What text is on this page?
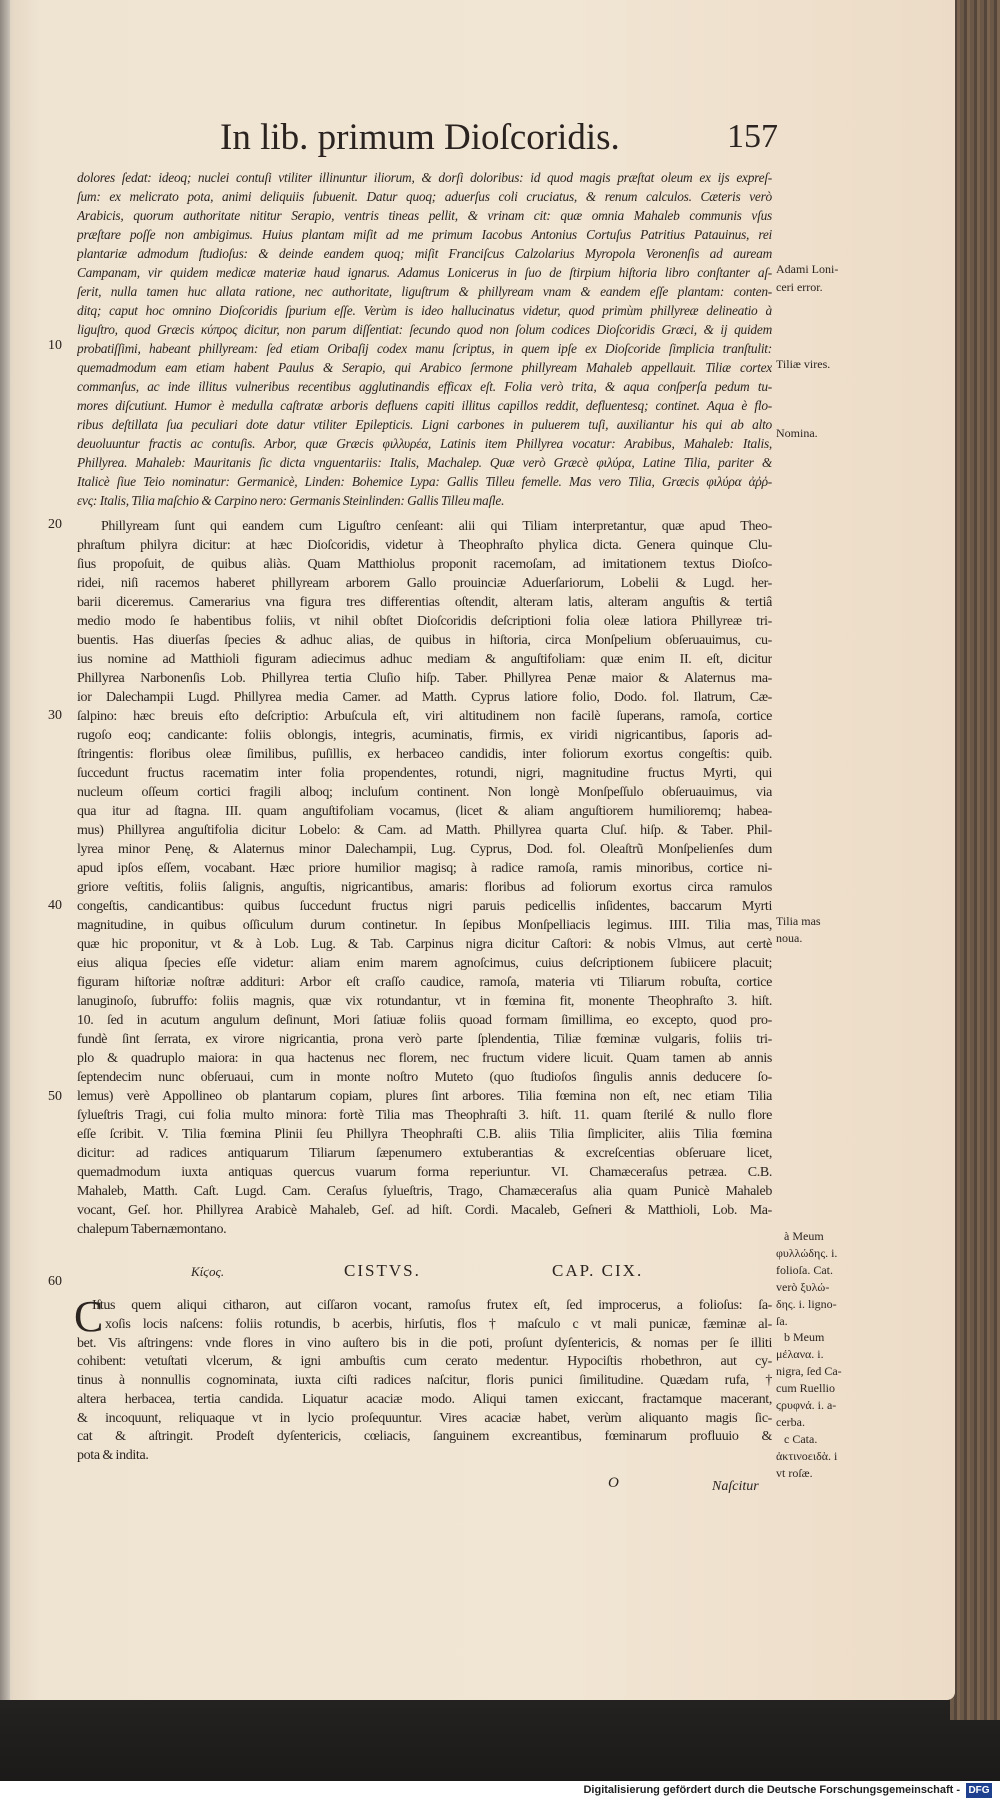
In lib. primum Dioſcoridis.	157
dolores ſedat: ideoq; nuclei contuſi vtiliter illinuntur iliorum, & dorſi doloribus: id quod magis præſtat oleum ex ijs expreſ-
ſum: ex melicrato pota, animi deliquiis ſubuenit. Datur quoq; aduerſus coli cruciatus, & renum calculos. Cæteris verò
Arabicis, quorum authoritate nititur Serapio, ventris tineas pellit, & vrinam cit: quæ omnia Mahaleb communis vſus
præſtare poſſe non ambigimus. Huius plantam miſit ad me primum Iacobus Antonius Cortuſus Patritius Patauinus, rei
plantariæ admodum ſtudioſus: & deinde eandem quoq; miſit Franciſcus Calzolarius Myropola Veronenſis ad auream
Campanam, vir quidem medicæ materiæ haud ignarus. Adamus Lonicerus in ſuo de ſtirpium hiſtoria libro conſtanter aſ-
ſerit, nulla tamen huc allata ratione, nec authoritate, liguſtrum & phillyream vnam & eandem eſſe plantam: conten-
ditq; caput hoc omnino Dioſcoridis ſpurium eſſe. Verùm is ideo hallucinatus videtur, quod primùm phillyreæ delineatio à
liguſtro, quod Græcis κύπρος dicitur, non parum diſſentiat: ſecundo quod non ſolum codices Dioſcoridis Græci, & ij quidem
probatiſſimi, habeant phillyream: ſed etiam Oribaſij codex manu ſcriptus, in quem ipſe ex Dioſcoride ſimplicia tranſtulit:
quemadmodum eam etiam habent Paulus & Serapio, qui Arabico ſermone phillyream Mahaleb appellauit. Tiliæ cortex
commanſus, ac inde illitus vulneribus recentibus agglutinandis efficax eſt. Folia verò trita, & aqua conſperſa pedum tu-
mores diſcutiunt. Humor è medulla caſtratæ arboris defluens capiti illitus capillos reddit, defluentesq; continet. Aqua è flo-
ribus deſtillata ſua peculiari dote datur vtiliter Epilepticis. Ligni carbones in puluerem tuſi, auxiliantur his qui ab alto
deuoluuntur fractis ac contuſis. Arbor, quæ Græcis φιλλυρέα, Latinis item Phillyrea vocatur: Arabibus, Mahaleb: Italis,
Phillyrea. Mahaleb: Mauritanis ſic dicta vnguentariis: Italis, Machalep. Quæ verò Græcè φιλύρα, Latine Tilia, pariter &
Italicè ſiue Teio nominatur: Germanicè, Linden: Bohemice Lypa: Gallis Tilleu femelle. Mas vero Tilia, Græcis φιλύρα ἀῤῥ-
ενς: Italis, Tilia maſchio & Carpino nero: Germanis Steinlinden: Gallis Tilleu maſle.
Phillyream ſunt qui eandem cum Liguſtro cenſeant: alii qui Tiliam interpretantur, quæ apud Theo-
phraſtum philyra dicitur: at hæc Dioſcoridis, videtur à Theophraſto phylica dicta. Genera quinque Clu-
ſius propoſuit, de quibus aliàs. Quam Matthiolus proponit racemoſam, ad imitationem textus Dioſco-
ridei, niſi racemos haberet phillyream arborem Gallo prouinciæ Aduerſariorum, Lobelii & Lugd. her-
barii diceremus. Camerarius vna figura tres differentias oſtendit, alteram latis, alteram anguſtis & tertiâ
medio modo ſe habentibus foliis, vt nihil obſtet Dioſcoridis deſcriptioni folia oleæ latiora Phillyreæ tri-
buentis. Has diuerſas ſpecies & adhuc alias, de quibus in hiſtoria, circa Monſpelium obſeruauimus, cu-
ius nomine ad Matthioli figuram adiecimus adhuc mediam & anguſtifoliam: quæ enim II. eſt, dicitur
Phillyrea Narbonenſis Lob. Phillyrea tertia Cluſio hiſp. Taber. Phillyrea Penæ maior & Alaternus ma-
ior Dalechampii Lugd. Phillyrea media Camer. ad Matth. Cyprus latiore folio, Dodo. fol. Ilatrum, Cæ-
ſalpino: hæc breuis eſto deſcriptio: Arbuſcula eſt, viri altitudinem non facilè ſuperans, ramoſa, cortice
rugoſo eoq; candicante: foliis oblongis, integris, acuminatis, firmis, ex viridi nigricantibus, ſaporis ad-
ſtringentis: floribus oleæ ſimilibus, puſillis, ex herbaceo candidis, inter foliorum exortus congeſtis: quib.
ſuccedunt fructus racematim inter folia propendentes, rotundi, nigri, magnitudine fructus Myrti, qui
nucleum oſſeum cortici fragili alboq; incluſum continent. Non longè Monſpeſſulo obſeruauimus, via
qua itur ad ſtagna. III. quam anguſtifoliam vocamus, (licet & aliam anguſtiorem humilioremq; habea-
mus) Phillyrea anguſtifolia dicitur Lobelo: & Cam. ad Matth. Phillyrea quarta Cluſ. hiſp. & Taber. Phil-
lyrea minor Penę, & Alaternus minor Dalechampii, Lug. Cyprus, Dod. fol. Oleaſtrũ Monſpelienſes dum
apud ipſos eſſem, vocabant. Hæc priore humilior magisq; à radice ramoſa, ramis minoribus, cortice ni-
griore veſtitis, foliis ſalignis, anguſtis, nigricantibus, amaris: floribus ad foliorum exortus circa ramulos
congeſtis, candicantibus: quibus ſuccedunt fructus nigri paruis pedicellis inſidentes, baccarum Myrti
magnitudine, in quibus oſſiculum durum continetur. In ſepibus Monſpelliacis legimus. IIII. Tilia mas,
quæ hic proponitur, vt & à Lob. Lug. & Tab. Carpinus nigra dicitur Caſtori: & nobis Vlmus, aut certè
eius aliqua ſpecies eſſe videtur: aliam enim marem agnoſcimus, cuius deſcriptionem ſubiicere placuit;
figuram hiſtoriæ noſtræ addituri: Arbor eſt craſſo caudice, ramoſa, materia vti Tiliarum robuſta, cortice
lanuginoſo, ſubruffo: foliis magnis, quæ vix rotundantur, vt in fœmina fit, monente Theophraſto 3. hiſt.
10. ſed in acutum angulum deſinunt, Mori ſatiuæ foliis quoad formam ſimillima, eo excepto, quod pro-
fundè ſint ſerrata, ex virore nigricantia, prona verò parte ſplendentia, Tiliæ fœminæ vulgaris, foliis tri-
plo & quadruplo maiora: in qua hactenus nec florem, nec fructum videre licuit. Quam tamen ab annis
ſeptendecim nunc obſeruaui, cum in monte noſtro Muteto (quo ſtudioſos ſingulis annis deducere ſo-
lemus) verè Appollineo ob plantarum copiam, plures ſint arbores. Tilia fœmina non eſt, nec etiam Tilia
ſylueſtris Tragi, cui folia multo minora: fortè Tilia mas Theophraſti 3. hiſt. 11. quam ſterilé & nullo flore
eſſe ſcribit. V. Tilia fœmina Plinii ſeu Phillyra Theophraſti C.B. aliis Tilia ſimpliciter, aliis Tilia fœmina
dicitur: ad radices antiquarum Tiliarum ſæpenumero extuberantias & excreſcentias obſeruare licet,
quemadmodum iuxta antiquas quercus vuarum forma reperiuntur. VI. Chamæceraſus petræa. C.B.
Mahaleb, Matth. Caſt. Lugd. Cam. Ceraſus ſylueſtris, Trago, Chamæceraſus alia quam Punicè Mahaleb
vocant, Geſ. hor. Phillyrea Arabicè Mahaleb, Geſ. ad hiſt. Cordi. Macaleb, Geſneri & Matthioli, Lob. Ma-
chalepum Tabernæmontano.
10
20
30
40
50
60
Adami Loni-
ceri error.
Tiliæ vires.
Nomina.
Tilia mas
noua.
à Meum
φυλλώδης. i.
folioſa. Cat.
verò ξυλώ-
δης. i. ligno-
ſa.
b Meum
μέλανα. i.
nigra, ſed Ca-
cum Ruellio
ϛρυφνά. i. a-
cerba.
c Cata.
ἀκτινοειδὰ. i
vt roſæ.
Κίϛος.	CISTVS.	CAP. CIX.
C
Iſtus quem aliqui citharon, aut ciſſaron vocant, ramoſus frutex eſt, ſed improcerus, a folioſus: ſa-
xoſis locis naſcens: foliis rotundis, b acerbis, hirſutis, flos † maſculo c vt mali punicæ, fæminæ al-
bet. Vis aſtringens: vnde flores in vino auſtero bis in die poti, proſunt dyſentericis, & nomas per ſe illiti
cohibent: vetuſtati vlcerum, & igni ambuſtis cum cerato medentur. Hypociſtis rhobethron, aut cy-
tinus à nonnullis cognominata, iuxta ciſti radices naſcitur, floris punici ſimilitudine. Quædam rufa, †
altera herbacea, tertia candida. Liquatur acaciæ modo. Aliqui tamen exiccant, fractamque macerant,
& incoquunt, reliquaque vt in lycio proſequuntur. Vires acaciæ habet, verùm aliquanto magis ſic-
cat & aſtringit. Prodeſt dyſentericis, cœliacis, ſanguinem excreantibus, fœminarum profluuio &
pota & indita.
O	Naſcitur
Digitalisierung gefördert durch die Deutsche Forschungsgemeinschaft - DFG
